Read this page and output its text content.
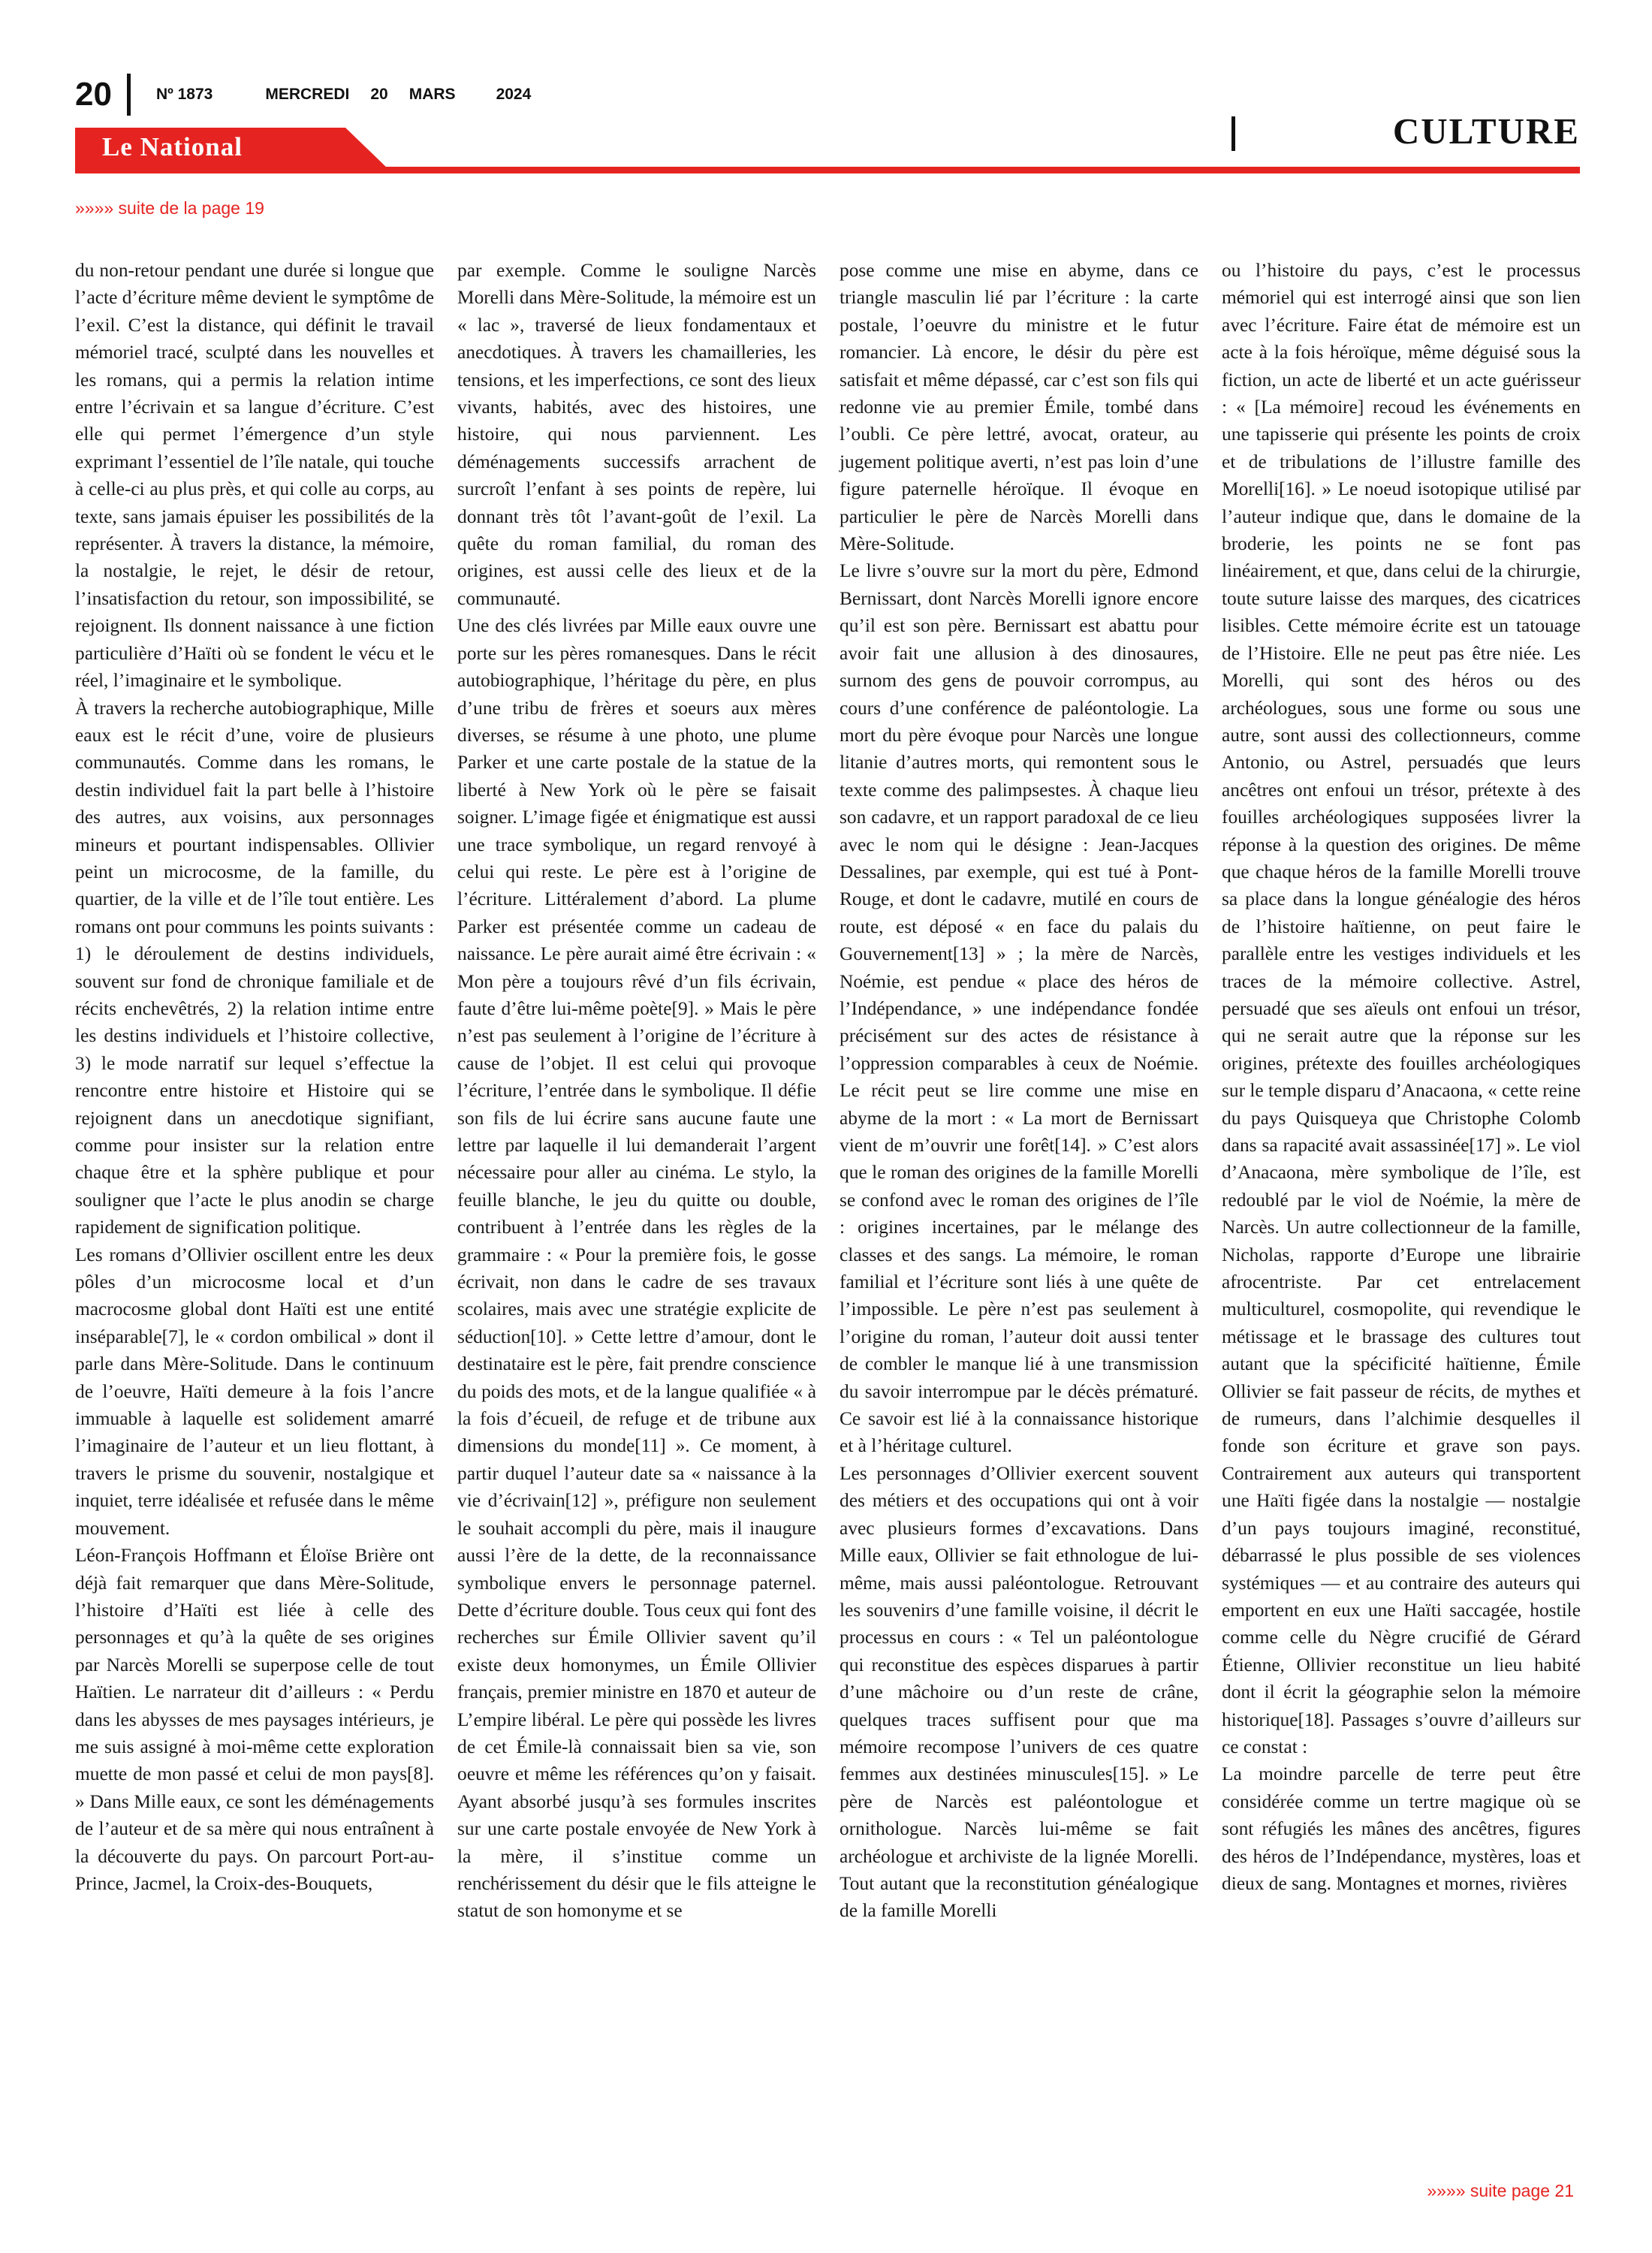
20	Nº 1873	MERCREDI 20 MARS	2024
Le National	CULTURE
»»»» suite de la page 19

du non-retour pendant une durée si longue que l’acte d’écriture même devient le symptôme de l’exil. C’est la distance, qui définit le travail mémoriel tracé, sculpté dans les nouvelles et les romans, qui a permis la relation intime entre l’écrivain et sa langue d’écriture. C’est elle qui permet l’émergence d’un style exprimant l’essentiel de l’île natale, qui touche à celle-ci au plus près, et qui colle au corps, au texte, sans jamais épuiser les possibilités de la représenter. À travers la distance, la mémoire, la nostalgie, le rejet, le désir de retour, l’insatisfaction du retour, son impossibilité, se rejoignent. Ils donnent naissance à une fiction particulière d’Haïti où se fondent le vécu et le réel, l’imaginaire et le symbolique.

À travers la recherche autobiographique, Mille eaux est le récit d’une, voire de plusieurs communautés. Comme dans les romans, le destin individuel fait la part belle à l’histoire des autres, aux voisins, aux personnages mineurs et pourtant indispensables. Ollivier peint un microcosme, de la famille, du quartier, de la ville et de l’île tout entière. Les romans ont pour communs les points suivants : 1) le déroulement de destins individuels, souvent sur fond de chronique familiale et de récits enchevêtrés, 2) la relation intime entre les destins individuels et l’histoire collective, 3) le mode narratif sur lequel s’effectue la rencontre entre histoire et Histoire qui se rejoignent dans un anecdotique signifiant, comme pour insister sur la relation entre chaque être et la sphère publique et pour souligner que l’acte le plus anodin se charge rapidement de signification politique.

Les romans d’Ollivier oscillent entre les deux pôles d’un microcosme local et d’un macrocosme global dont Haïti est une entité inséparable[7], le « cordon ombilical » dont il parle dans Mère-Solitude. Dans le continuum de l’oeuvre, Haïti demeure à la fois l’ancre immuable à laquelle est solidement amarré l’imaginaire de l’auteur et un lieu flottant, à travers le prisme du souvenir, nostalgique et inquiet, terre idéalisée et refusée dans le même mouvement.

Léon-François Hoffmann et Éloïse Brière ont déjà fait remarquer que dans Mère-Solitude, l’histoire d’Haïti est liée à celle des personnages et qu’à la quête de ses origines par Narcès Morelli se superpose celle de tout Haïtien. Le narrateur dit d’ailleurs : « Perdu dans les abysses de mes paysages intérieurs, je me suis assigné à moi-même cette exploration muette de mon passé et celui de mon pays[8]. » Dans Mille eaux, ce sont les déménagements de l’auteur et de sa mère qui nous entraînent à la découverte du pays. On parcourt Port-au-Prince, Jacmel, la Croix-des-Bouquets,

par exemple. Comme le souligne Narcès Morelli dans Mère-Solitude, la mémoire est un « lac », traversé de lieux fondamentaux et anecdotiques. À travers les chamailleries, les tensions, et les imperfections, ce sont des lieux vivants, habités, avec des histoires, une histoire, qui nous parviennent. Les déménagements successifs arrachent de surcroît l’enfant à ses points de repère, lui donnant très tôt l’avant-goût de l’exil. La quête du roman familial, du roman des origines, est aussi celle des lieux et de la communauté.

Une des clés livrées par Mille eaux ouvre une porte sur les pères romanesques. Dans le récit autobiographique, l’héritage du père, en plus d’une tribu de frères et soeurs aux mères diverses, se résume à une photo, une plume Parker et une carte postale de la statue de la liberté à New York où le père se faisait soigner. L’image figée et énigmatique est aussi une trace symbolique, un regard renvoyé à celui qui reste. Le père est à l’origine de l’écriture. Littéralement d’abord. La plume Parker est présentée comme un cadeau de naissance. Le père aurait aimé être écrivain : « Mon père a toujours rêvé d’un fils écrivain, faute d’être lui-même poète[9]. » Mais le père n’est pas seulement à l’origine de l’écriture à cause de l’objet. Il est celui qui provoque l’écriture, l’entrée dans le symbolique. Il défie son fils de lui écrire sans aucune faute une lettre par laquelle il lui demanderait l’argent nécessaire pour aller au cinéma. Le stylo, la feuille blanche, le jeu du quitte ou double, contribuent à l’entrée dans les règles de la grammaire : « Pour la première fois, le gosse écrivait, non dans le cadre de ses travaux scolaires, mais avec une stratégie explicite de séduction[10]. » Cette lettre d’amour, dont le destinataire est le père, fait prendre conscience du poids des mots, et de la langue qualifiée « à la fois d’écueil, de refuge et de tribune aux dimensions du monde[11] ». Ce moment, à partir duquel l’auteur date sa « naissance à la vie d’écrivain[12] », préfigure non seulement le souhait accompli du père, mais il inaugure aussi l’ère de la dette, de la reconnaissance symbolique envers le personnage paternel. Dette d’écriture double. Tous ceux qui font des recherches sur Émile Ollivier savent qu’il existe deux homonymes, un Émile Ollivier français, premier ministre en 1870 et auteur de L’empire libéral. Le père qui possède les livres de cet Émile-là connaissait bien sa vie, son oeuvre et même les références qu’on y faisait. Ayant absorbé jusqu’à ses formules inscrites sur une carte postale envoyée de New York à la mère, il s’institue comme un renchérissement du désir que le fils atteigne le statut de son homonyme et se

pose comme une mise en abyme, dans ce triangle masculin lié par l’écriture : la carte postale, l’oeuvre du ministre et le futur romancier. Là encore, le désir du père est satisfait et même dépassé, car c’est son fils qui redonne vie au premier Émile, tombé dans l’oubli. Ce père lettré, avocat, orateur, au jugement politique averti, n’est pas loin d’une figure paternelle héroïque. Il évoque en particulier le père de Narcès Morelli dans Mère-Solitude.

Le livre s’ouvre sur la mort du père, Edmond Bernissart, dont Narcès Morelli ignore encore qu’il est son père. Bernissart est abattu pour avoir fait une allusion à des dinosaures, surnom des gens de pouvoir corrompus, au cours d’une conférence de paléontologie. La mort du père évoque pour Narcès une longue litanie d’autres morts, qui remontent sous le texte comme des palimpsestes. À chaque lieu son cadavre, et un rapport paradoxal de ce lieu avec le nom qui le désigne : Jean-Jacques Dessalines, par exemple, qui est tué à Pont-Rouge, et dont le cadavre, mutilé en cours de route, est déposé « en face du palais du Gouvernement[13] » ; la mère de Narcès, Noémie, est pendue « place des héros de l’Indépendance, » une indépendance fondée précisément sur des actes de résistance à l’oppression comparables à ceux de Noémie. Le récit peut se lire comme une mise en abyme de la mort : « La mort de Bernissart vient de m’ouvrir une forêt[14]. » C’est alors que le roman des origines de la famille Morelli se confond avec le roman des origines de l’île : origines incertaines, par le mélange des classes et des sangs. La mémoire, le roman familial et l’écriture sont liés à une quête de l’impossible. Le père n’est pas seulement à l’origine du roman, l’auteur doit aussi tenter de combler le manque lié à une transmission du savoir interrompue par le décès prématuré. Ce savoir est lié à la connaissance historique et à l’héritage culturel.

Les personnages d’Ollivier exercent souvent des métiers et des occupations qui ont à voir avec plusieurs formes d’excavations. Dans Mille eaux, Ollivier se fait ethnologue de lui-même, mais aussi paléontologue. Retrouvant les souvenirs d’une famille voisine, il décrit le processus en cours : « Tel un paléontologue qui reconstitue des espèces disparues à partir d’une mâchoire ou d’un reste de crâne, quelques traces suffisent pour que ma mémoire recompose l’univers de ces quatre femmes aux destinées minuscules[15]. » Le père de Narcès est paléontologue et ornithologue. Narcès lui-même se fait archéologue et archiviste de la lignée Morelli. Tout autant que la reconstitution généalogique de la famille Morelli

ou l’histoire du pays, c’est le processus mémoriel qui est interrogé ainsi que son lien avec l’écriture. Faire état de mémoire est un acte à la fois héroïque, même déguisé sous la fiction, un acte de liberté et un acte guérisseur : « [La mémoire] recoud les événements en une tapisserie qui présente les points de croix et de tribulations de l’illustre famille des Morelli[16]. » Le noeud isotopique utilisé par l’auteur indique que, dans le domaine de la broderie, les points ne se font pas linéairement, et que, dans celui de la chirurgie, toute suture laisse des marques, des cicatrices lisibles. Cette mémoire écrite est un tatouage de l’Histoire. Elle ne peut pas être niée. Les Morelli, qui sont des héros ou des archéologues, sous une forme ou sous une autre, sont aussi des collectionneurs, comme Antonio, ou Astrel, persuadés que leurs ancêtres ont enfoui un trésor, prétexte à des fouilles archéologiques supposées livrer la réponse à la question des origines. De même que chaque héros de la famille Morelli trouve sa place dans la longue généalogie des héros de l’histoire haïtienne, on peut faire le parallèle entre les vestiges individuels et les traces de la mémoire collective. Astrel, persuadé que ses aïeuls ont enfoui un trésor, qui ne serait autre que la réponse sur les origines, prétexte des fouilles archéologiques sur le temple disparu d’Anacaona, « cette reine du pays Quisqueya que Christophe Colomb dans sa rapacité avait assassinée[17] ». Le viol d’Anacaona, mère symbolique de l’île, est redoublé par le viol de Noémie, la mère de Narcès. Un autre collectionneur de la famille, Nicholas, rapporte d’Europe une librairie afrocentriste. Par cet entrelacement multiculturel, cosmopolite, qui revendique le métissage et le brassage des cultures tout autant que la spécificité haïtienne, Émile Ollivier se fait passeur de récits, de mythes et de rumeurs, dans l’alchimie desquelles il fonde son écriture et grave son pays. Contrairement aux auteurs qui transportent une Haïti figée dans la nostalgie — nostalgie d’un pays toujours imaginé, reconstitué, débarrassé le plus possible de ses violences systémiques — et au contraire des auteurs qui emportent en eux une Haïti saccagée, hostile comme celle du Nègre crucifié de Gérard Étienne, Ollivier reconstitue un lieu habité dont il écrit la géographie selon la mémoire historique[18]. Passages s’ouvre d’ailleurs sur ce constat :

La moindre parcelle de terre peut être considérée comme un tertre magique où se sont réfugiés les mânes des ancêtres, figures des héros de l’Indépendance, mystères, loas et dieux de sang. Montagnes et mornes, rivières

»»»» suite page 21
